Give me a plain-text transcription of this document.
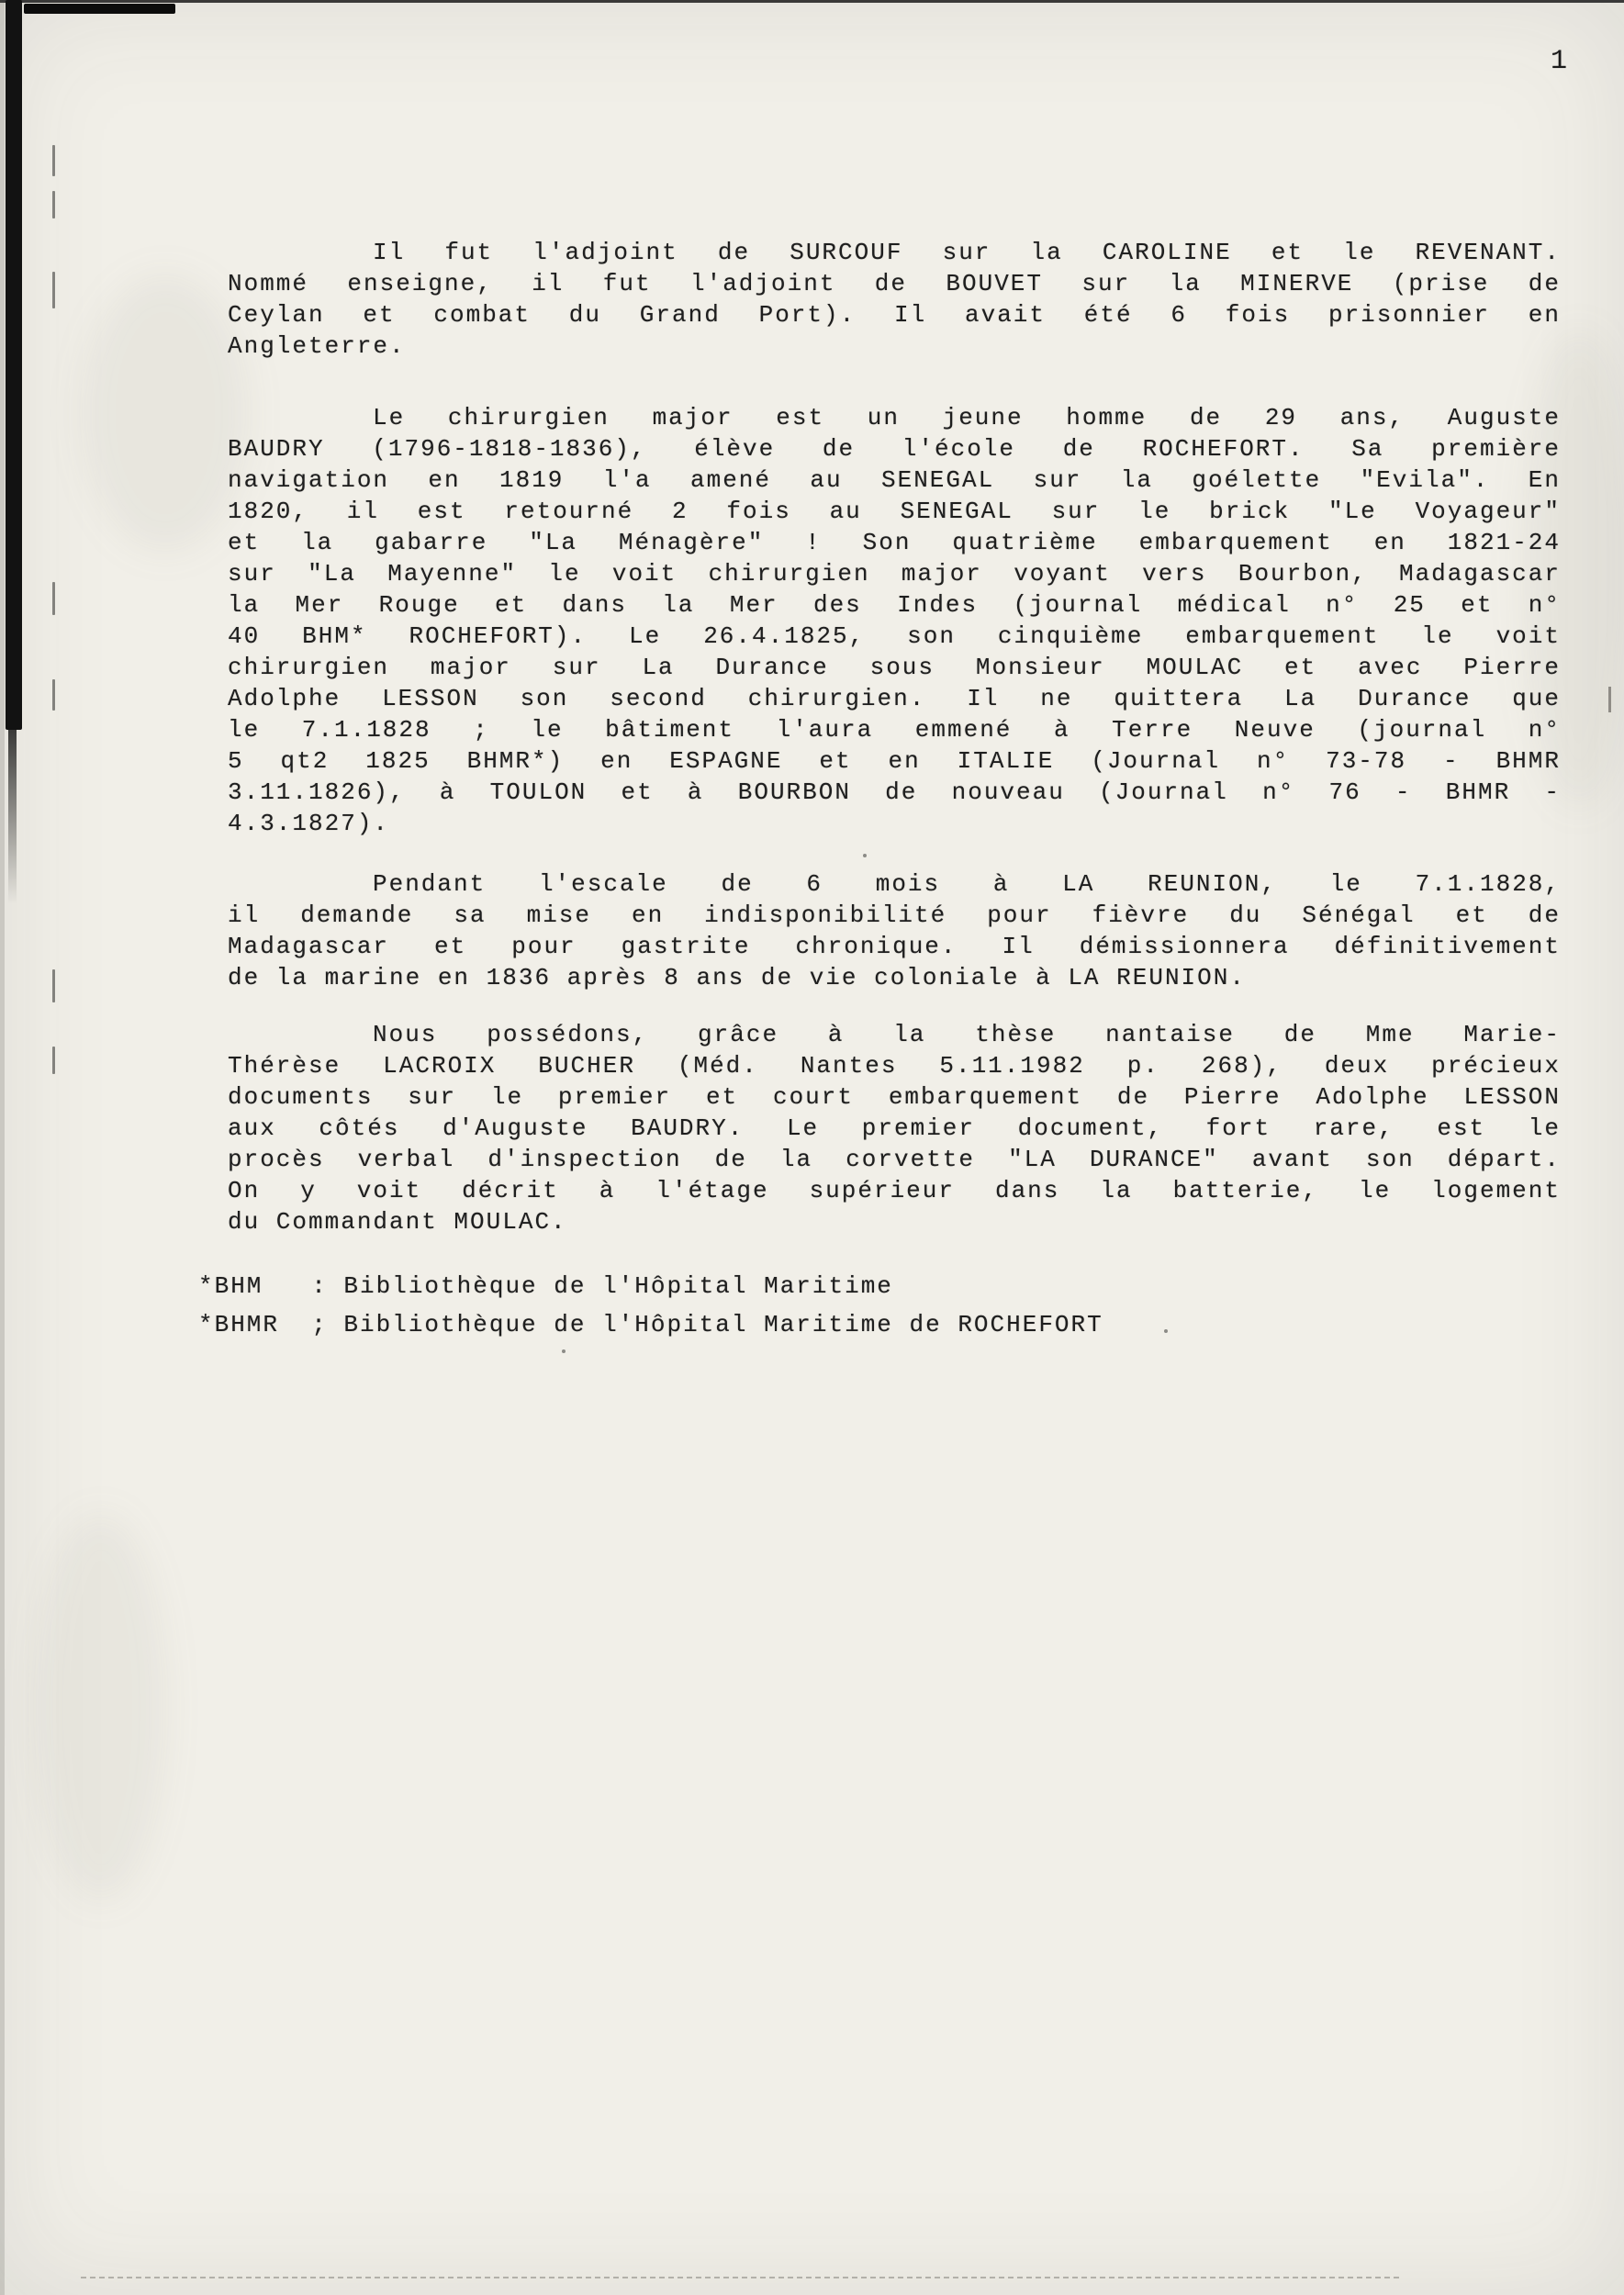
1
Il fut l'adjoint de SURCOUF sur la CAROLINE et le REVENANT.
Nommé enseigne, il fut l'adjoint de BOUVET sur la MINERVE (prise de
Ceylan et combat du Grand Port). Il avait été 6 fois prisonnier en
Angleterre.
Le chirurgien major est un jeune homme de 29 ans, Auguste
BAUDRY (1796-1818-1836), élève de l'école de ROCHEFORT. Sa première
navigation en 1819 l'a amené au SENEGAL sur la goélette "Evila". En
1820, il est retourné 2 fois au SENEGAL sur le brick "Le Voyageur"
et la gabarre "La Ménagère" ! Son quatrième embarquement en 1821-24
sur "La Mayenne" le voit chirurgien major voyant vers Bourbon, Madagascar
la Mer Rouge et dans la Mer des Indes (journal médical n° 25 et n°
40 BHM* ROCHEFORT). Le 26.4.1825, son cinquième embarquement le voit
chirurgien major sur La Durance sous Monsieur MOULAC et avec Pierre
Adolphe LESSON son second chirurgien. Il ne quittera La Durance que
le 7.1.1828 ; le bâtiment l'aura emmené à Terre Neuve (journal n°
5 qt2 1825 BHMR*) en ESPAGNE et en ITALIE (Journal n° 73-78 - BHMR
3.11.1826), à TOULON et à BOURBON de nouveau (Journal n° 76 - BHMR -
4.3.1827).
Pendant l'escale de 6 mois à LA REUNION, le 7.1.1828,
il demande sa mise en indisponibilité pour fièvre du Sénégal et de
Madagascar et pour gastrite chronique. Il démissionnera définitivement
de la marine en 1836 après 8 ans de vie coloniale à LA REUNION.
Nous possédons, grâce à la thèse nantaise de Mme Marie-
Thérèse LACROIX BUCHER (Méd. Nantes 5.11.1982 p. 268), deux précieux
documents sur le premier et court embarquement de Pierre Adolphe LESSON
aux côtés d'Auguste BAUDRY. Le premier document, fort rare, est le
procès verbal d'inspection de la corvette "LA DURANCE" avant son départ.
On y voit décrit à l'étage supérieur dans la batterie, le logement
du Commandant MOULAC.
*BHM   : Bibliothèque de l'Hôpital Maritime
*BHMR  ; Bibliothèque de l'Hôpital Maritime de ROCHEFORT
